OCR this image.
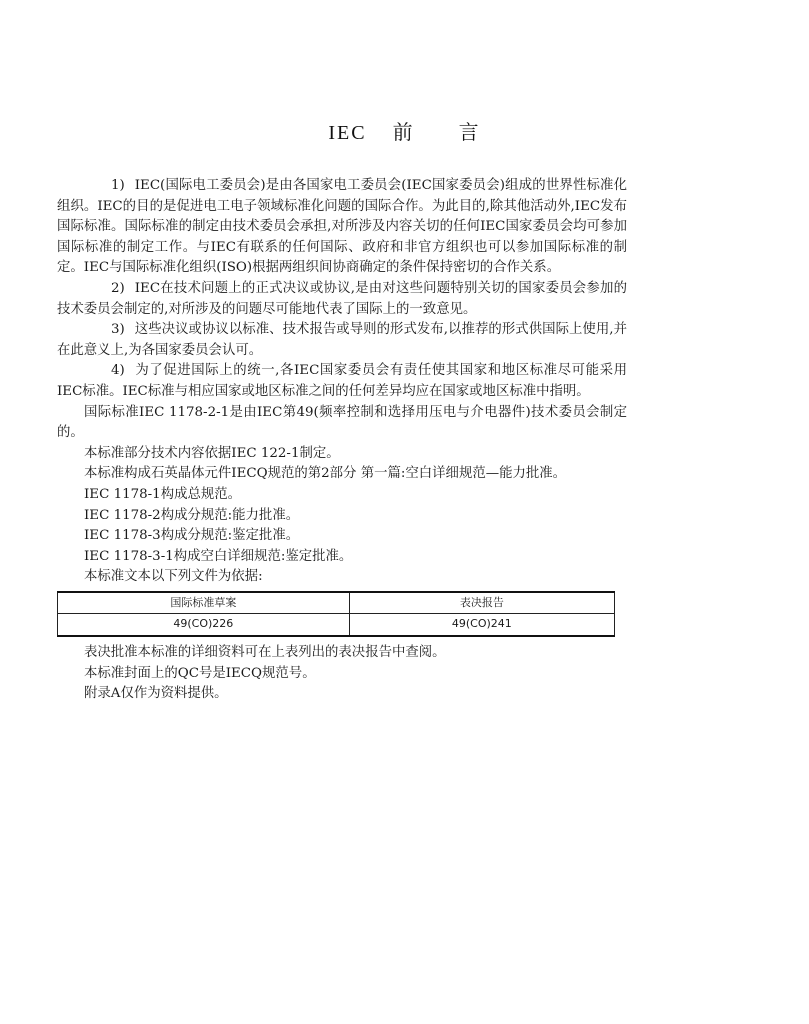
IEC 前 言

1) IEC(国际电工委员会)是由各国家电工委员会(IEC国家委员会)组成的世界性标准化组织。IEC的目的是促进电工电子领域标准化问题的国际合作。为此目的,除其他活动外,IEC发布国际标准。国际标准的制定由技术委员会承担,对所涉及内容关切的任何IEC国家委员会均可参加国际标准的制定工作。与IEC有联系的任何国际、政府和非官方组织也可以参加国际标准的制定。IEC与国际标准化组织(ISO)根据两组织间协商确定的条件保持密切的合作关系。

2) IEC在技术问题上的正式决议或协议,是由对这些问题特别关切的国家委员会参加的技术委员会制定的,对所涉及的问题尽可能地代表了国际上的一致意见。

3) 这些决议或协议以标准、技术报告或导则的形式发布,以推荐的形式供国际上使用,并在此意义上,为各国家委员会认可。

4) 为了促进国际上的统一,各IEC国家委员会有责任使其国家和地区标准尽可能采用IEC标准。IEC标准与相应国家或地区标准之间的任何差异均应在国家或地区标准中指明。

国际标准IEC 1178-2-1是由IEC第49(频率控制和选择用压电与介电器件)技术委员会制定的。

本标准部分技术内容依据IEC 122-1制定。

本标准构成石英晶体元件IECQ规范的第2部分 第一篇:空白详细规范—能力批准。

IEC 1178-1构成总规范。

IEC 1178-2构成分规范:能力批准。

IEC 1178-3构成分规范:鉴定批准。

IEC 1178-3-1构成空白详细规范:鉴定批准。

本标准文本以下列文件为依据:

国际标准草案	表决报告
49(CO)226	49(CO)241

表决批准本标准的详细资料可在上表列出的表决报告中查阅。

本标准封面上的QC号是IECQ规范号。

附录A仅作为资料提供。
